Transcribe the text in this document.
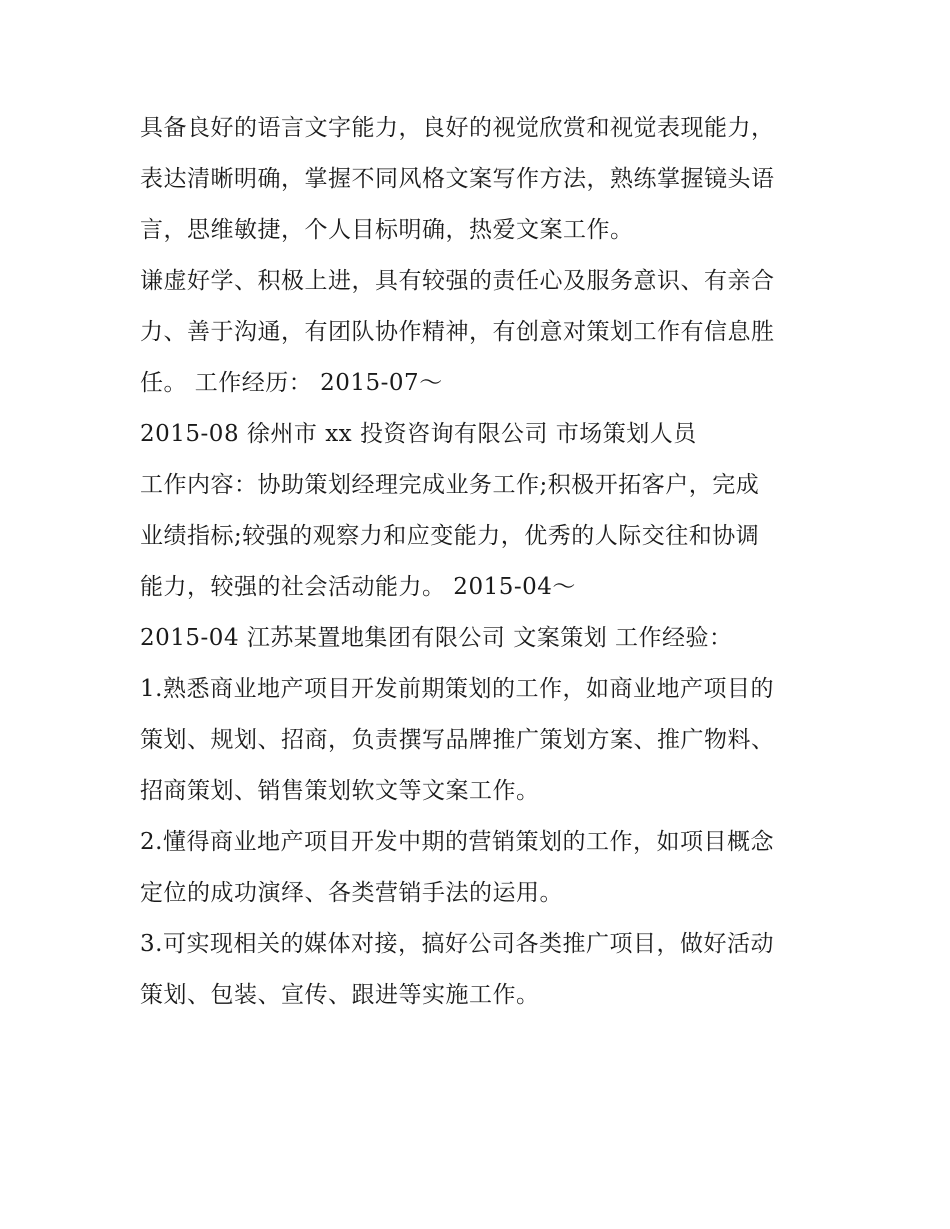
具备良好的语言文字能力，良好的视觉欣赏和视觉表现能力，
表达清晰明确，掌握不同风格文案写作方法，熟练掌握镜头语
言，思维敏捷，个人目标明确，热爱文案工作。
谦虚好学、积极上进，具有较强的责任心及服务意识、有亲合
力、善于沟通，有团队协作精神，有创意对策划工作有信息胜
任。 工作经历： 2015-07～
2015-08 徐州市 xx 投资咨询有限公司 市场策划人员
工作内容：协助策划经理完成业务工作;积极开拓客户，完成
业绩指标;较强的观察力和应变能力，优秀的人际交往和协调
能力，较强的社会活动能力。 2015-04～
2015-04 江苏某置地集团有限公司 文案策划 工作经验：
1.熟悉商业地产项目开发前期策划的工作，如商业地产项目的
策划、规划、招商，负责撰写品牌推广策划方案、推广物料、
招商策划、销售策划软文等文案工作。
2.懂得商业地产项目开发中期的营销策划的工作，如项目概念
定位的成功演绎、各类营销手法的运用。
3.可实现相关的媒体对接，搞好公司各类推广项目，做好活动
策划、包装、宣传、跟进等实施工作。
